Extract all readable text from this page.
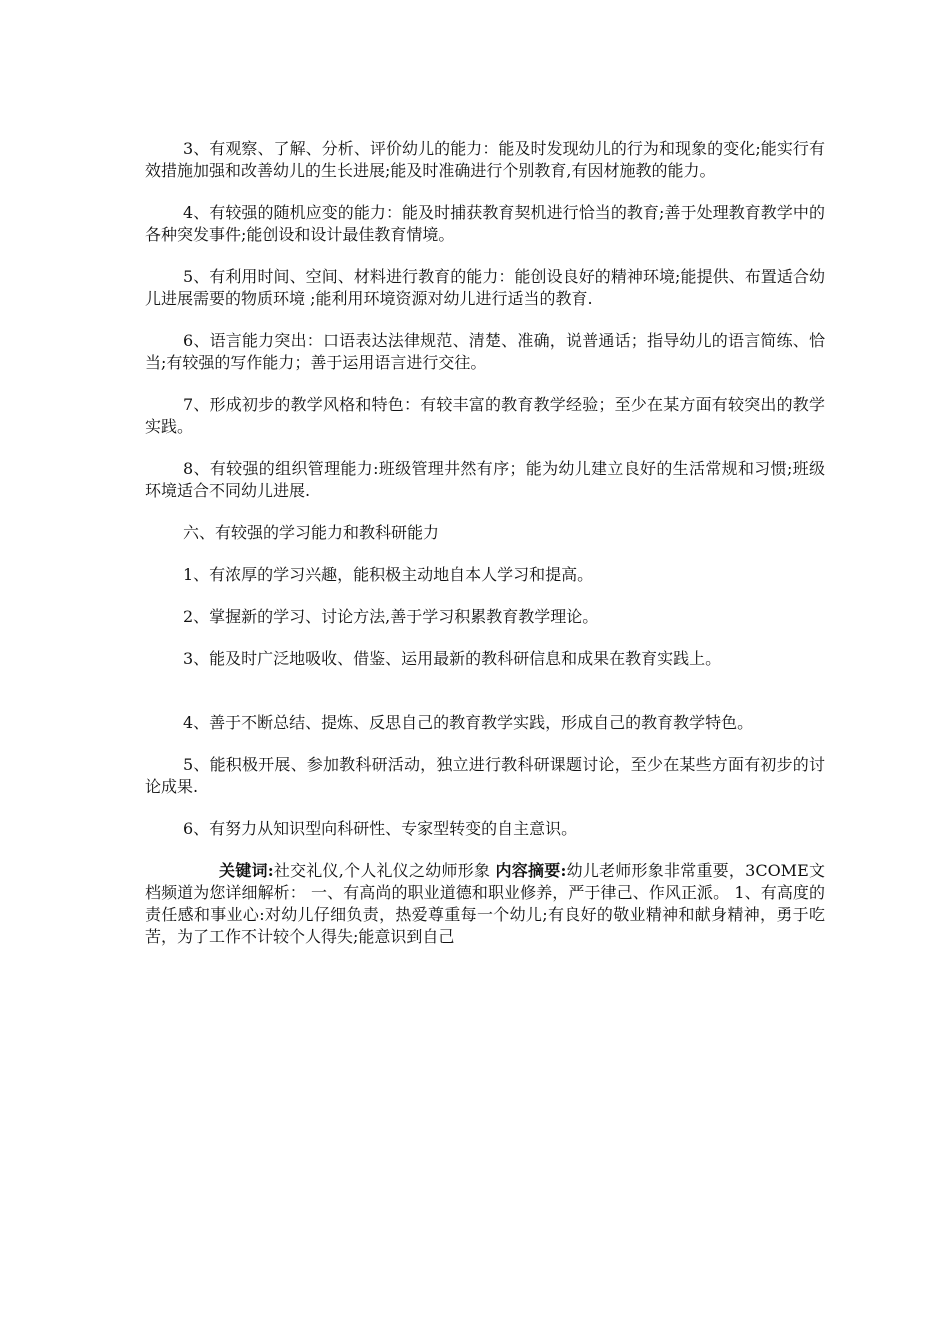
3、有观察、了解、分析、评价幼儿的能力：能及时发现幼儿的行为和现象的变化;能实行有效措施加强和改善幼儿的生长进展;能及时准确进行个别教育,有因材施教的能力。

4、有较强的随机应变的能力：能及时捕获教育契机进行恰当的教育;善于处理教育教学中的各种突发事件;能创设和设计最佳教育情境。

5、有利用时间、空间、材料进行教育的能力：能创设良好的精神环境;能提供、布置适合幼儿进展需要的物质环境 ;能利用环境资源对幼儿进行适当的教育.

6、语言能力突出：口语表达法律规范、清楚、准确，说普通话；指导幼儿的语言简练、恰当;有较强的写作能力；善于运用语言进行交往。

7、形成初步的教学风格和特色：有较丰富的教育教学经验；至少在某方面有较突出的教学实践。

8、有较强的组织管理能力:班级管理井然有序；能为幼儿建立良好的生活常规和习惯;班级环境适合不同幼儿进展.

六、有较强的学习能力和教科研能力

1、有浓厚的学习兴趣，能积极主动地自本人学习和提高。

2、掌握新的学习、讨论方法,善于学习积累教育教学理论。

3、能及时广泛地吸收、借鉴、运用最新的教科研信息和成果在教育实践上。

4、善于不断总结、提炼、反思自己的教育教学实践，形成自己的教育教学特色。

5、能积极开展、参加教科研活动，独立进行教科研课题讨论，至少在某些方面有初步的讨论成果.

6、有努力从知识型向科研性、专家型转变的自主意识。

关键词:社交礼仪,个人礼仪之幼师形象 内容摘要:幼儿老师形象非常重要，3COME文档频道为您详细解析： 一、有高尚的职业道德和职业修养，严于律己、作风正派。 1、有高度的责任感和事业心:对幼儿仔细负责，热爱尊重每一个幼儿;有良好的敬业精神和献身精神，勇于吃苦，为了工作不计较个人得失;能意识到自己
